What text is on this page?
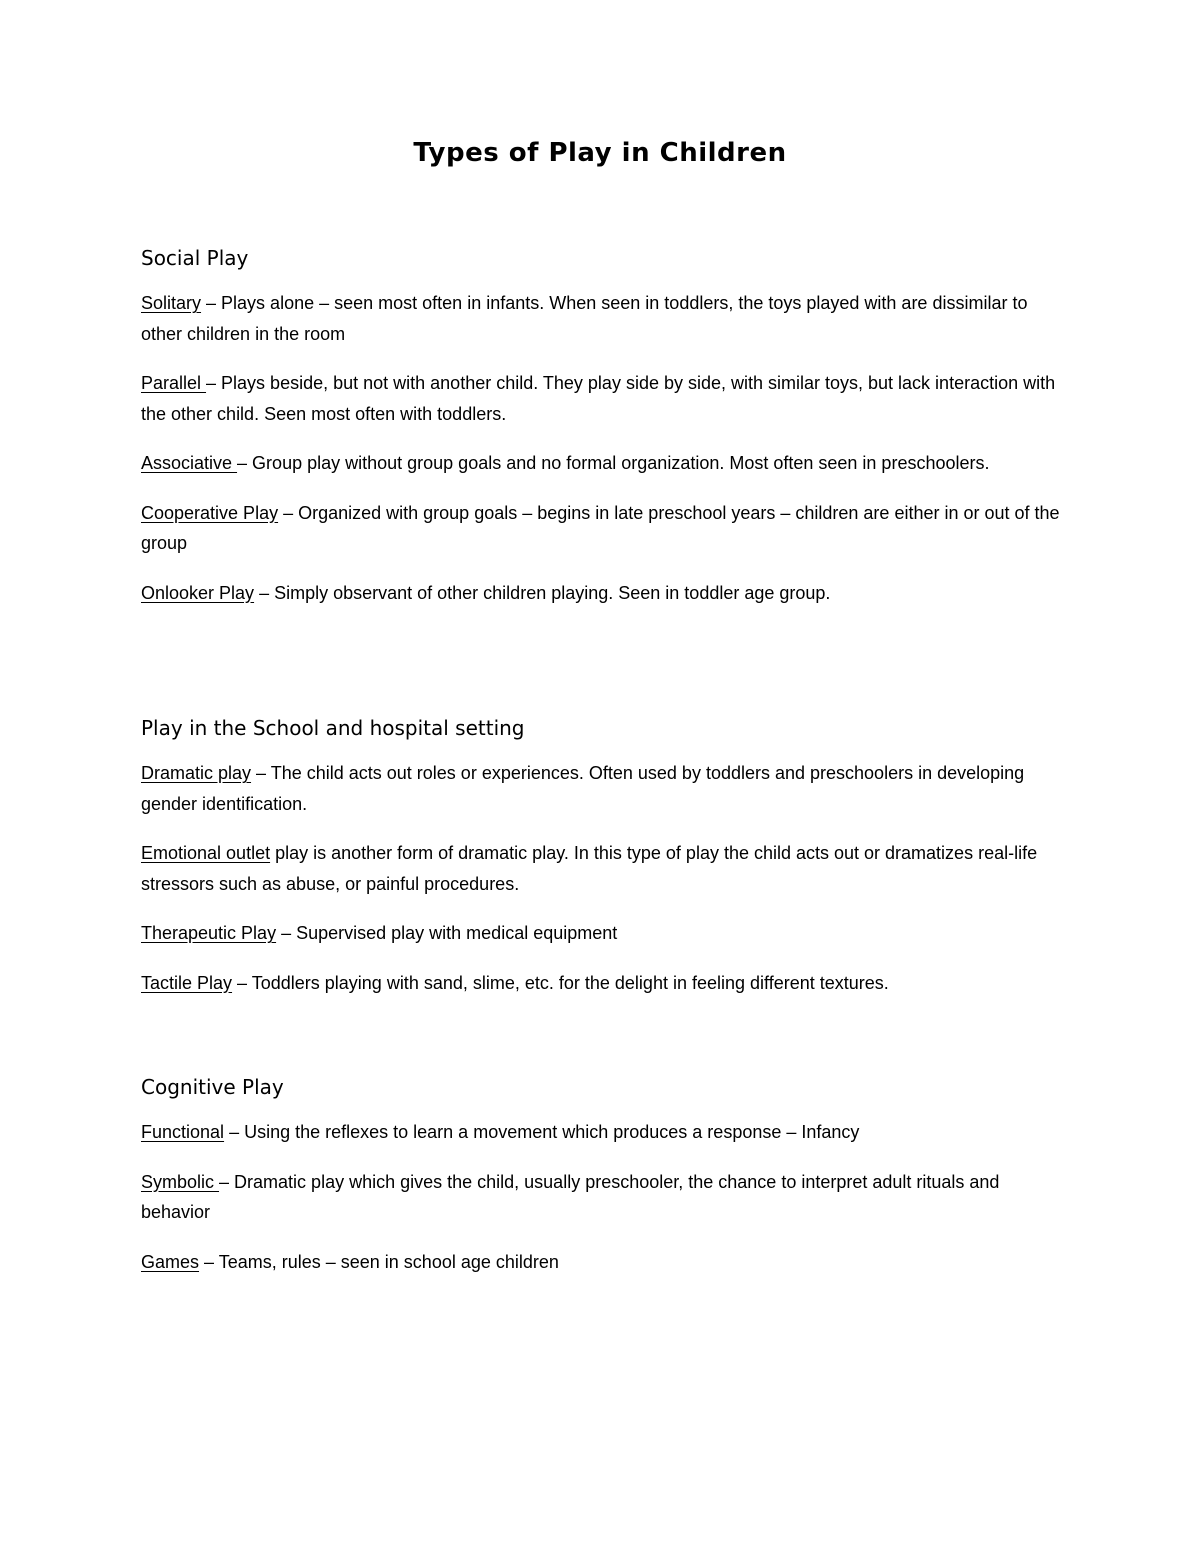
Types of Play in Children
Social Play

Solitary – Plays alone – seen most often in infants. When seen in toddlers, the toys played with are dissimilar to other children in the room

Parallel – Plays beside, but not with another child. They play side by side, with similar toys, but lack interaction with the other child. Seen most often with toddlers.

Associative – Group play without group goals and no formal organization. Most often seen in preschoolers.

Cooperative Play – Organized with group goals – begins in late preschool years – children are either in or out of the group

Onlooker Play – Simply observant of other children playing. Seen in toddler age group.

Play in the School and hospital setting

Dramatic play – The child acts out roles or experiences. Often used by toddlers and preschoolers in developing gender identification.

Emotional outlet play is another form of dramatic play. In this type of play the child acts out or dramatizes real-life stressors such as abuse, or painful procedures.

Therapeutic Play – Supervised play with medical equipment

Tactile Play – Toddlers playing with sand, slime, etc. for the delight in feeling different textures.

Cognitive Play

Functional – Using the reflexes to learn a movement which produces a response – Infancy

Symbolic – Dramatic play which gives the child, usually preschooler, the chance to interpret adult rituals and behavior

Games – Teams, rules – seen in school age children
